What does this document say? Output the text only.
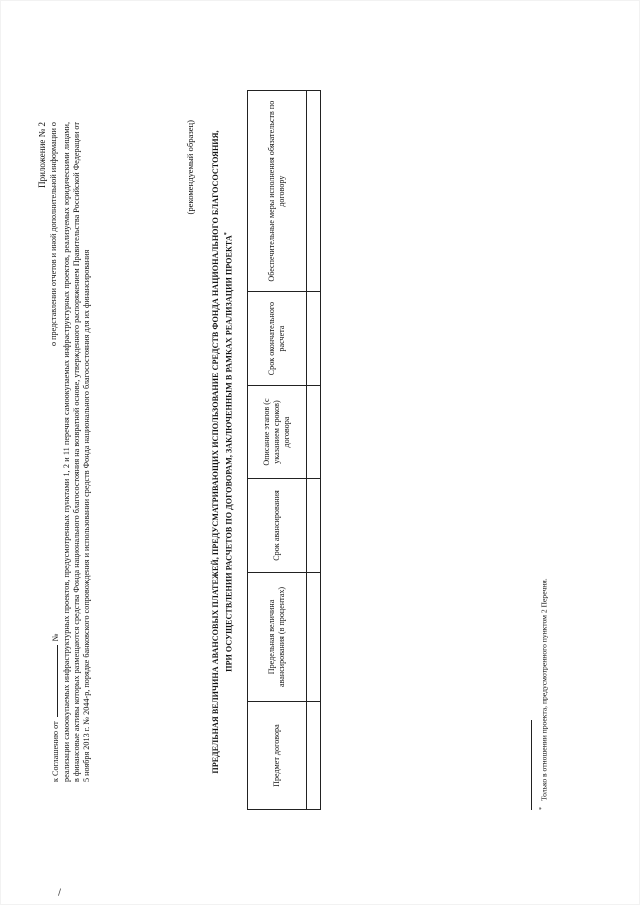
Приложение № 2
к Соглашению от№
о представлении отчетов и иной дополнительной информации о реализации самоокупаемых инфраструктурных проектов, предусмотренных пунктами 1, 2 и 11 перечня самоокупаемых инфраструктурных проектов, реализуемых юридическими лицами, в финансовые активы которых размещаются средства Фонда национального благосостояния на возвратной основе, утвержденного распоряжением Правительства Российской Федерации от 5 ноября 2013 г. № 2044-р, порядке банковского сопровождения и использовании средств Фонда национального благосостояния для их финансирования
(рекомендуемый образец) ПРЕДЕЛЬНАЯ ВЕЛИЧИНА АВАНСОВЫХ ПЛАТЕЖЕЙ, ПРЕДУСМАТРИВАЮЩИХ ИСПОЛЬЗОВАНИЕ СРЕДСТВ ФОНДА НАЦИОНАЛЬНОГО БЛАГОСОСТОЯНИЯ, ПРИ ОСУЩЕСТВЛЕНИИ РАСЧЕТОВ ПО ДОГОВОРАМ, ЗАКЛЮЧЕННЫМ В РАМКАХ РЕАЛИЗАЦИИ ПРОЕКТА*
Предмет договора	Предельная величина авансирования (в процентах)	Срок авансирования	Описание этапов (с указанием сроков) договора	Срок окончательного расчета	Обеспечительные меры исполнения обязательств по договору

*Только в отношении проекта, предусмотренного пунктом 2 Перечня.
/
